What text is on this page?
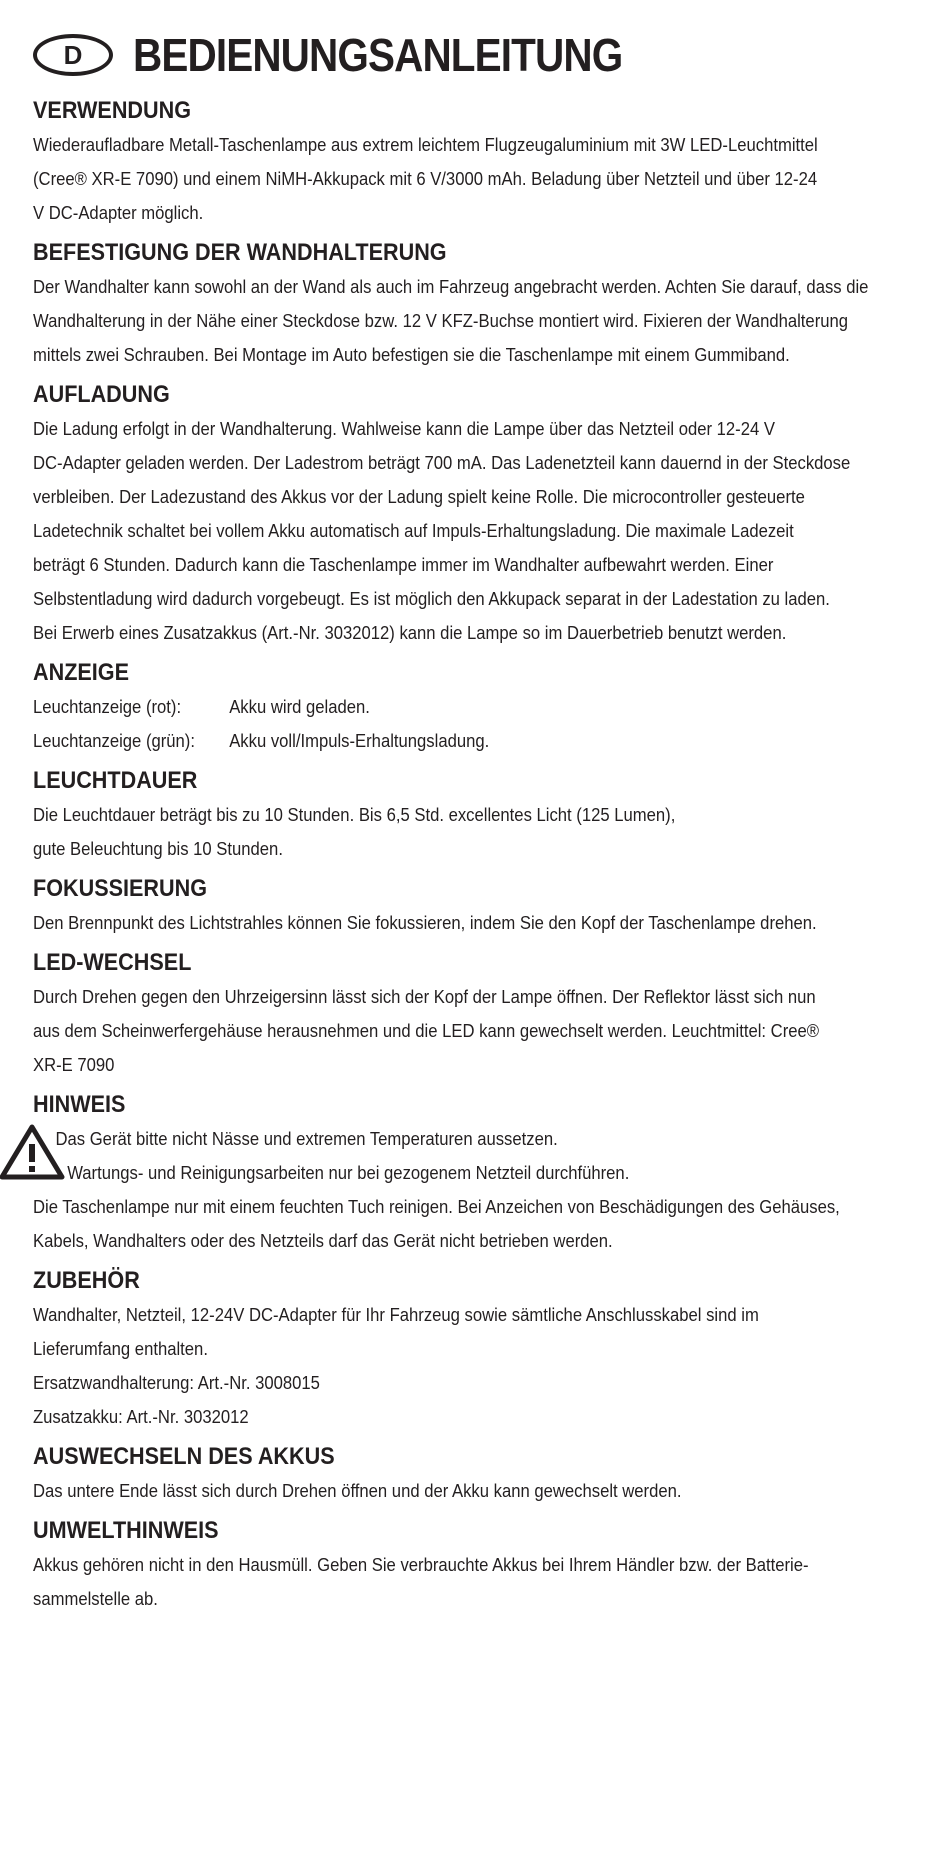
D	BEDIENUNGSANLEITUNG
VERWENDUNG
Wiederaufladbare Metall-Taschenlampe aus extrem leichtem Flugzeugaluminium mit 3W LED-Leuchtmittel
(Cree® XR-E 7090) und einem NiMH-Akkupack mit 6 V/3000 mAh. Beladung über Netzteil und über 12-24
V DC-Adapter möglich.
BEFESTIGUNG DER WANDHALTERUNG
Der Wandhalter kann sowohl an der Wand als auch im Fahrzeug angebracht werden. Achten Sie darauf, dass die
Wandhalterung in der Nähe einer Steckdose bzw. 12 V KFZ-Buchse montiert wird. Fixieren der Wandhalterung
mittels zwei Schrauben. Bei Montage im Auto befestigen sie die Taschenlampe mit einem Gummiband.
AUFLADUNG
Die Ladung erfolgt in der Wandhalterung. Wahlweise kann die Lampe über das Netzteil oder 12-24 V
DC-Adapter geladen werden. Der Ladestrom beträgt 700 mA. Das Ladenetzteil kann dauernd in der Steckdose
verbleiben. Der Ladezustand des Akkus vor der Ladung spielt keine Rolle. Die microcontroller gesteuerte
Ladetechnik schaltet bei vollem Akku automatisch auf Impuls-Erhaltungsladung. Die maximale Ladezeit
beträgt 6 Stunden. Dadurch kann die Taschenlampe immer im Wandhalter aufbewahrt werden. Einer
Selbstentladung wird dadurch vorgebeugt. Es ist möglich den Akkupack separat in der Ladestation zu laden.
Bei Erwerb eines Zusatzakkus (Art.-Nr. 3032012) kann die Lampe so im Dauerbetrieb benutzt werden.
ANZEIGE
Leuchtanzeige (rot):	Akku wird geladen.
Leuchtanzeige (grün):	Akku voll/Impuls-Erhaltungsladung.
LEUCHTDAUER
Die Leuchtdauer beträgt bis zu 10 Stunden. Bis 6,5 Std. excellentes Licht (125 Lumen),
gute Beleuchtung bis 10 Stunden.
FOKUSSIERUNG
Den Brennpunkt des Lichtstrahles können Sie fokussieren, indem Sie den Kopf der Taschenlampe drehen.
LED-WECHSEL
Durch Drehen gegen den Uhrzeigersinn lässt sich der Kopf der Lampe öffnen. Der Reflektor lässt sich nun
aus dem Scheinwerfergehäuse herausnehmen und die LED kann gewechselt werden. Leuchtmittel: Cree®
XR-E 7090
HINWEIS
Das Gerät bitte nicht Nässe und extremen Temperaturen aussetzen.
Wartungs- und Reinigungsarbeiten nur bei gezogenem Netzteil durchführen.
Die Taschenlampe nur mit einem feuchten Tuch reinigen. Bei Anzeichen von Beschädigungen des Gehäuses,
Kabels, Wandhalters oder des Netzteils darf das Gerät nicht betrieben werden.
ZUBEHÖR
Wandhalter, Netzteil, 12-24V DC-Adapter für Ihr Fahrzeug sowie sämtliche Anschlusskabel sind im
Lieferumfang enthalten.
Ersatzwandhalterung: Art.-Nr. 3008015
Zusatzakku: Art.-Nr. 3032012
AUSWECHSELN DES AKKUS
Das untere Ende lässt sich durch Drehen öffnen und der Akku kann gewechselt werden.
UMWELTHINWEIS
Akkus gehören nicht in den Hausmüll. Geben Sie verbrauchte Akkus bei Ihrem Händler bzw. der Batterie-
sammelstelle ab.
